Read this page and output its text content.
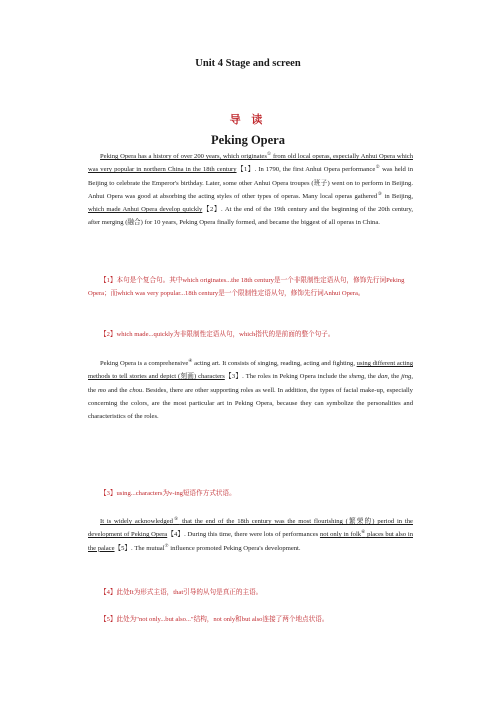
Unit 4 Stage and screen
导 读
Peking Opera

Peking Opera has a history of over 200 years, which originates① from old local operas, especially Anhui Opera which was very popular in northern China in the 18th century【1】. In 1790, the first Anhui Opera performance② was held in Beijing to celebrate the Emperor's birthday. Later, some other Anhui Opera troupes (班子) went on to perform in Beijing. Anhui Opera was good at absorbing the acting styles of other types of operas. Many local operas gathered③ in Beijing, which made Anhui Opera develop quickly【2】. At the end of the 19th century and the beginning of the 20th century, after merging (融合) for 10 years, Peking Opera finally formed, and became the biggest of all operas in China.

【1】本句是个复合句。其中which originates...the 18th century是一个非限制性定语从句，修饰先行词Peking Opera；而which was very popular...18th century是一个限制性定语从句，修饰先行词Anhui Opera。

【2】which made...quickly为非限制性定语从句，which指代的是前面的整个句子。

Peking Opera is a comprehensive④ acting art. It consists of singing, reading, acting and fighting, using different acting methods to tell stories and depict (刻画) characters【3】. The roles in Peking Opera include the sheng, the dan, the jing, the mo and the chou. Besides, there are other supporting roles as well. In addition, the types of facial make-up, especially concerning the colors, are the most particular art in Peking Opera, because they can symbolize the personalities and characteristics of the roles.

【3】using...characters为v-ing短语作方式状语。

It is widely acknowledged⑤ that the end of the 18th century was the most flourishing (繁荣的) period in the development of Peking Opera【4】. During this time, there were lots of performances not only in folk⑥ places but also in the palace【5】. The mutual⑦ influence promoted Peking Opera's development.

【4】此处It为形式主语，that引导的从句是真正的主语。

【5】此处为"not only...but also..."结构，not only和but also连接了两个地点状语。
